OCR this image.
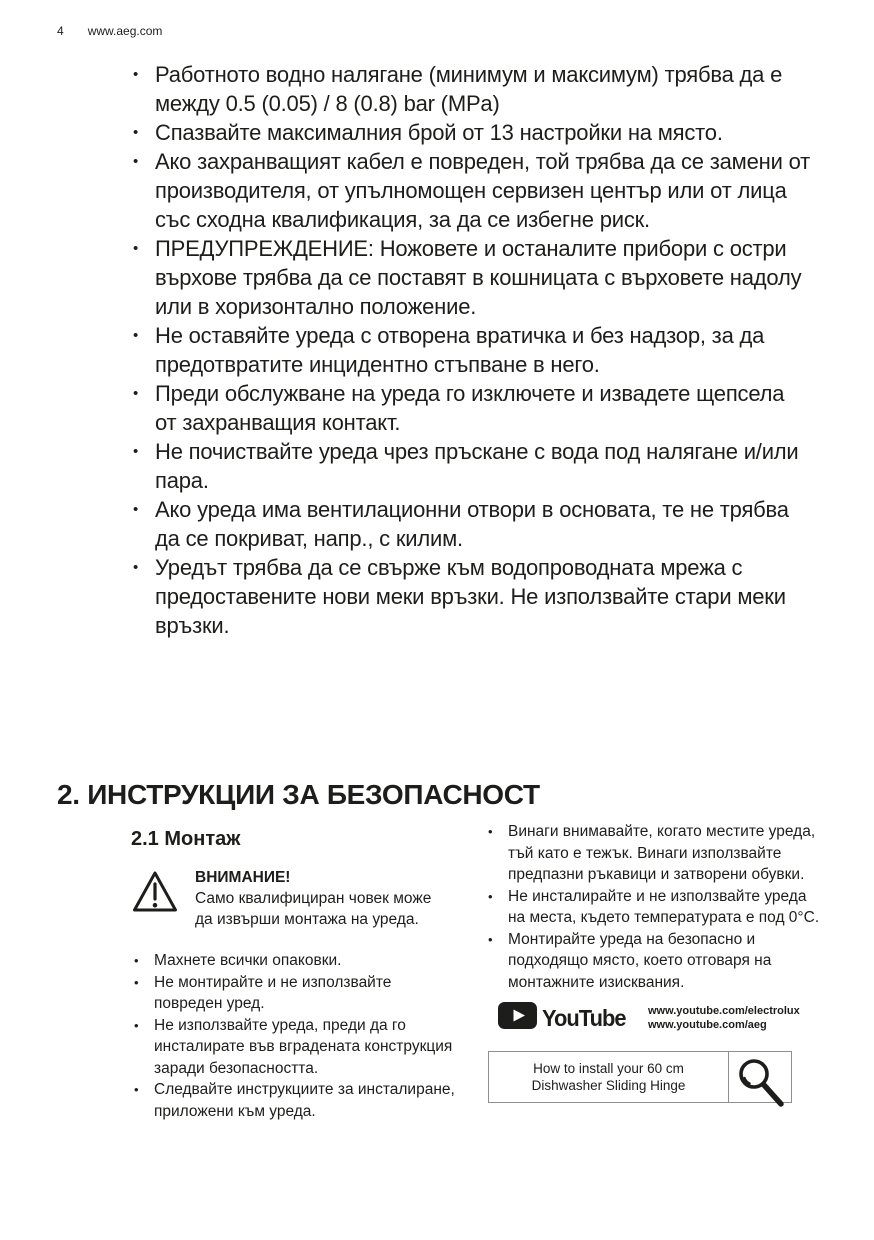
4 www.aeg.com
• Работното водно налягане (минимум и максимум) трябва да е между 0.5 (0.05) / 8 (0.8) bar (MPa)
• Спазвайте максималния брой от 13 настройки на място.
• Ако захранващият кабел е повреден, той трябва да се замени от производителя, от упълномощен сервизен център или от лица със сходна квалификация, за да се избегне риск.
• ПРЕДУПРЕЖДЕНИЕ: Ножовете и останалите прибори с остри върхове трябва да се поставят в кошницата с върховете надолу или в хоризонтално положение.
• Не оставяйте уреда с отворена вратичка и без надзор, за да предотвратите инцидентно стъпване в него.
• Преди обслужване на уреда го изключете и извадете щепсела от захранващия контакт.
• Не почиствайте уреда чрез пръскане с вода под налягане и/или пара.
• Ако уреда има вентилационни отвори в основата, те не трябва да се покриват, напр., с килим.
• Уредът трябва да се свърже към водопроводната мрежа с предоставените нови меки връзки. Не използвайте стари меки връзки.
2. ИНСТРУКЦИИ ЗА БЕЗОПАСНОСТ
2.1 Монтаж
ВНИМАНИЕ!
Само квалифициран човек може да извърши монтажа на уреда.
• Махнете всички опаковки.
• Не монтирайте и не използвайте повреден уред.
• Не използвайте уреда, преди да го инсталирате във вградената конструкция заради безопасността.
• Следвайте инструкциите за инсталиране, приложени към уреда.
• Винаги внимавайте, когато местите уреда, тъй като е тежък. Винаги използвайте предпазни ръкавици и затворени обувки.
• Не инсталирайте и не използвайте уреда на места, където температурата е под 0°C.
• Монтирайте уреда на безопасно и подходящо място, което отговаря на монтажните изисквания.
YouTube www.youtube.com/electrolux
www.youtube.com/aeg
How to install your 60 cm
Dishwasher Sliding Hinge
